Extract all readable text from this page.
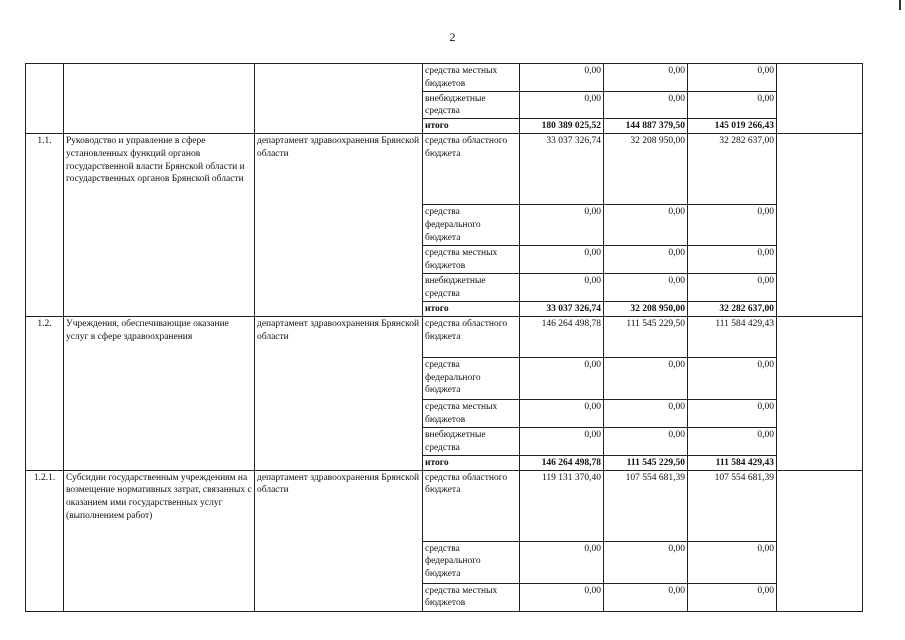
2
			средства местных бюджетов	0,00	0,00	0,00	
			внебюджетные средства	0,00	0,00	0,00	
			итого	180 389 025,52	144 887 379,50	145 019 266,43	
1.1.	Руководство и управление в сфере установленных функций органов государственной власти Брянской области и государственных органов Брянской области	департамент здравоохранения Брянской области	средства областного бюджета	33 037 326,74	32 208 950,00	32 282 637,00	
			средства федерального бюджета	0,00	0,00	0,00	
			средства местных бюджетов	0,00	0,00	0,00	
			внебюджетные средства	0,00	0,00	0,00	
			итого	33 037 326,74	32 208 950,00	32 282 637,00	
1.2.	Учреждения, обеспечивающие оказание услуг в сфере здравоохранения	департамент здравоохранения Брянской области	средства областного бюджета	146 264 498,78	111 545 229,50	111 584 429,43	
			средства федерального бюджета	0,00	0,00	0,00	
			средства местных бюджетов	0,00	0,00	0,00	
			внебюджетные средства	0,00	0,00	0,00	
			итого	146 264 498,78	111 545 229,50	111 584 429,43	
1.2.1.	Субсидии государственным учреждениям на возмещение нормативных затрат, связанных с оказанием ими государственных услуг (выполнением работ)	департамент здравоохранения Брянской области	средства областного бюджета	119 131 370,40	107 554 681,39	107 554 681,39	
			средства федерального бюджета	0,00	0,00	0,00	
			средства местных бюджетов	0,00	0,00	0,00	
